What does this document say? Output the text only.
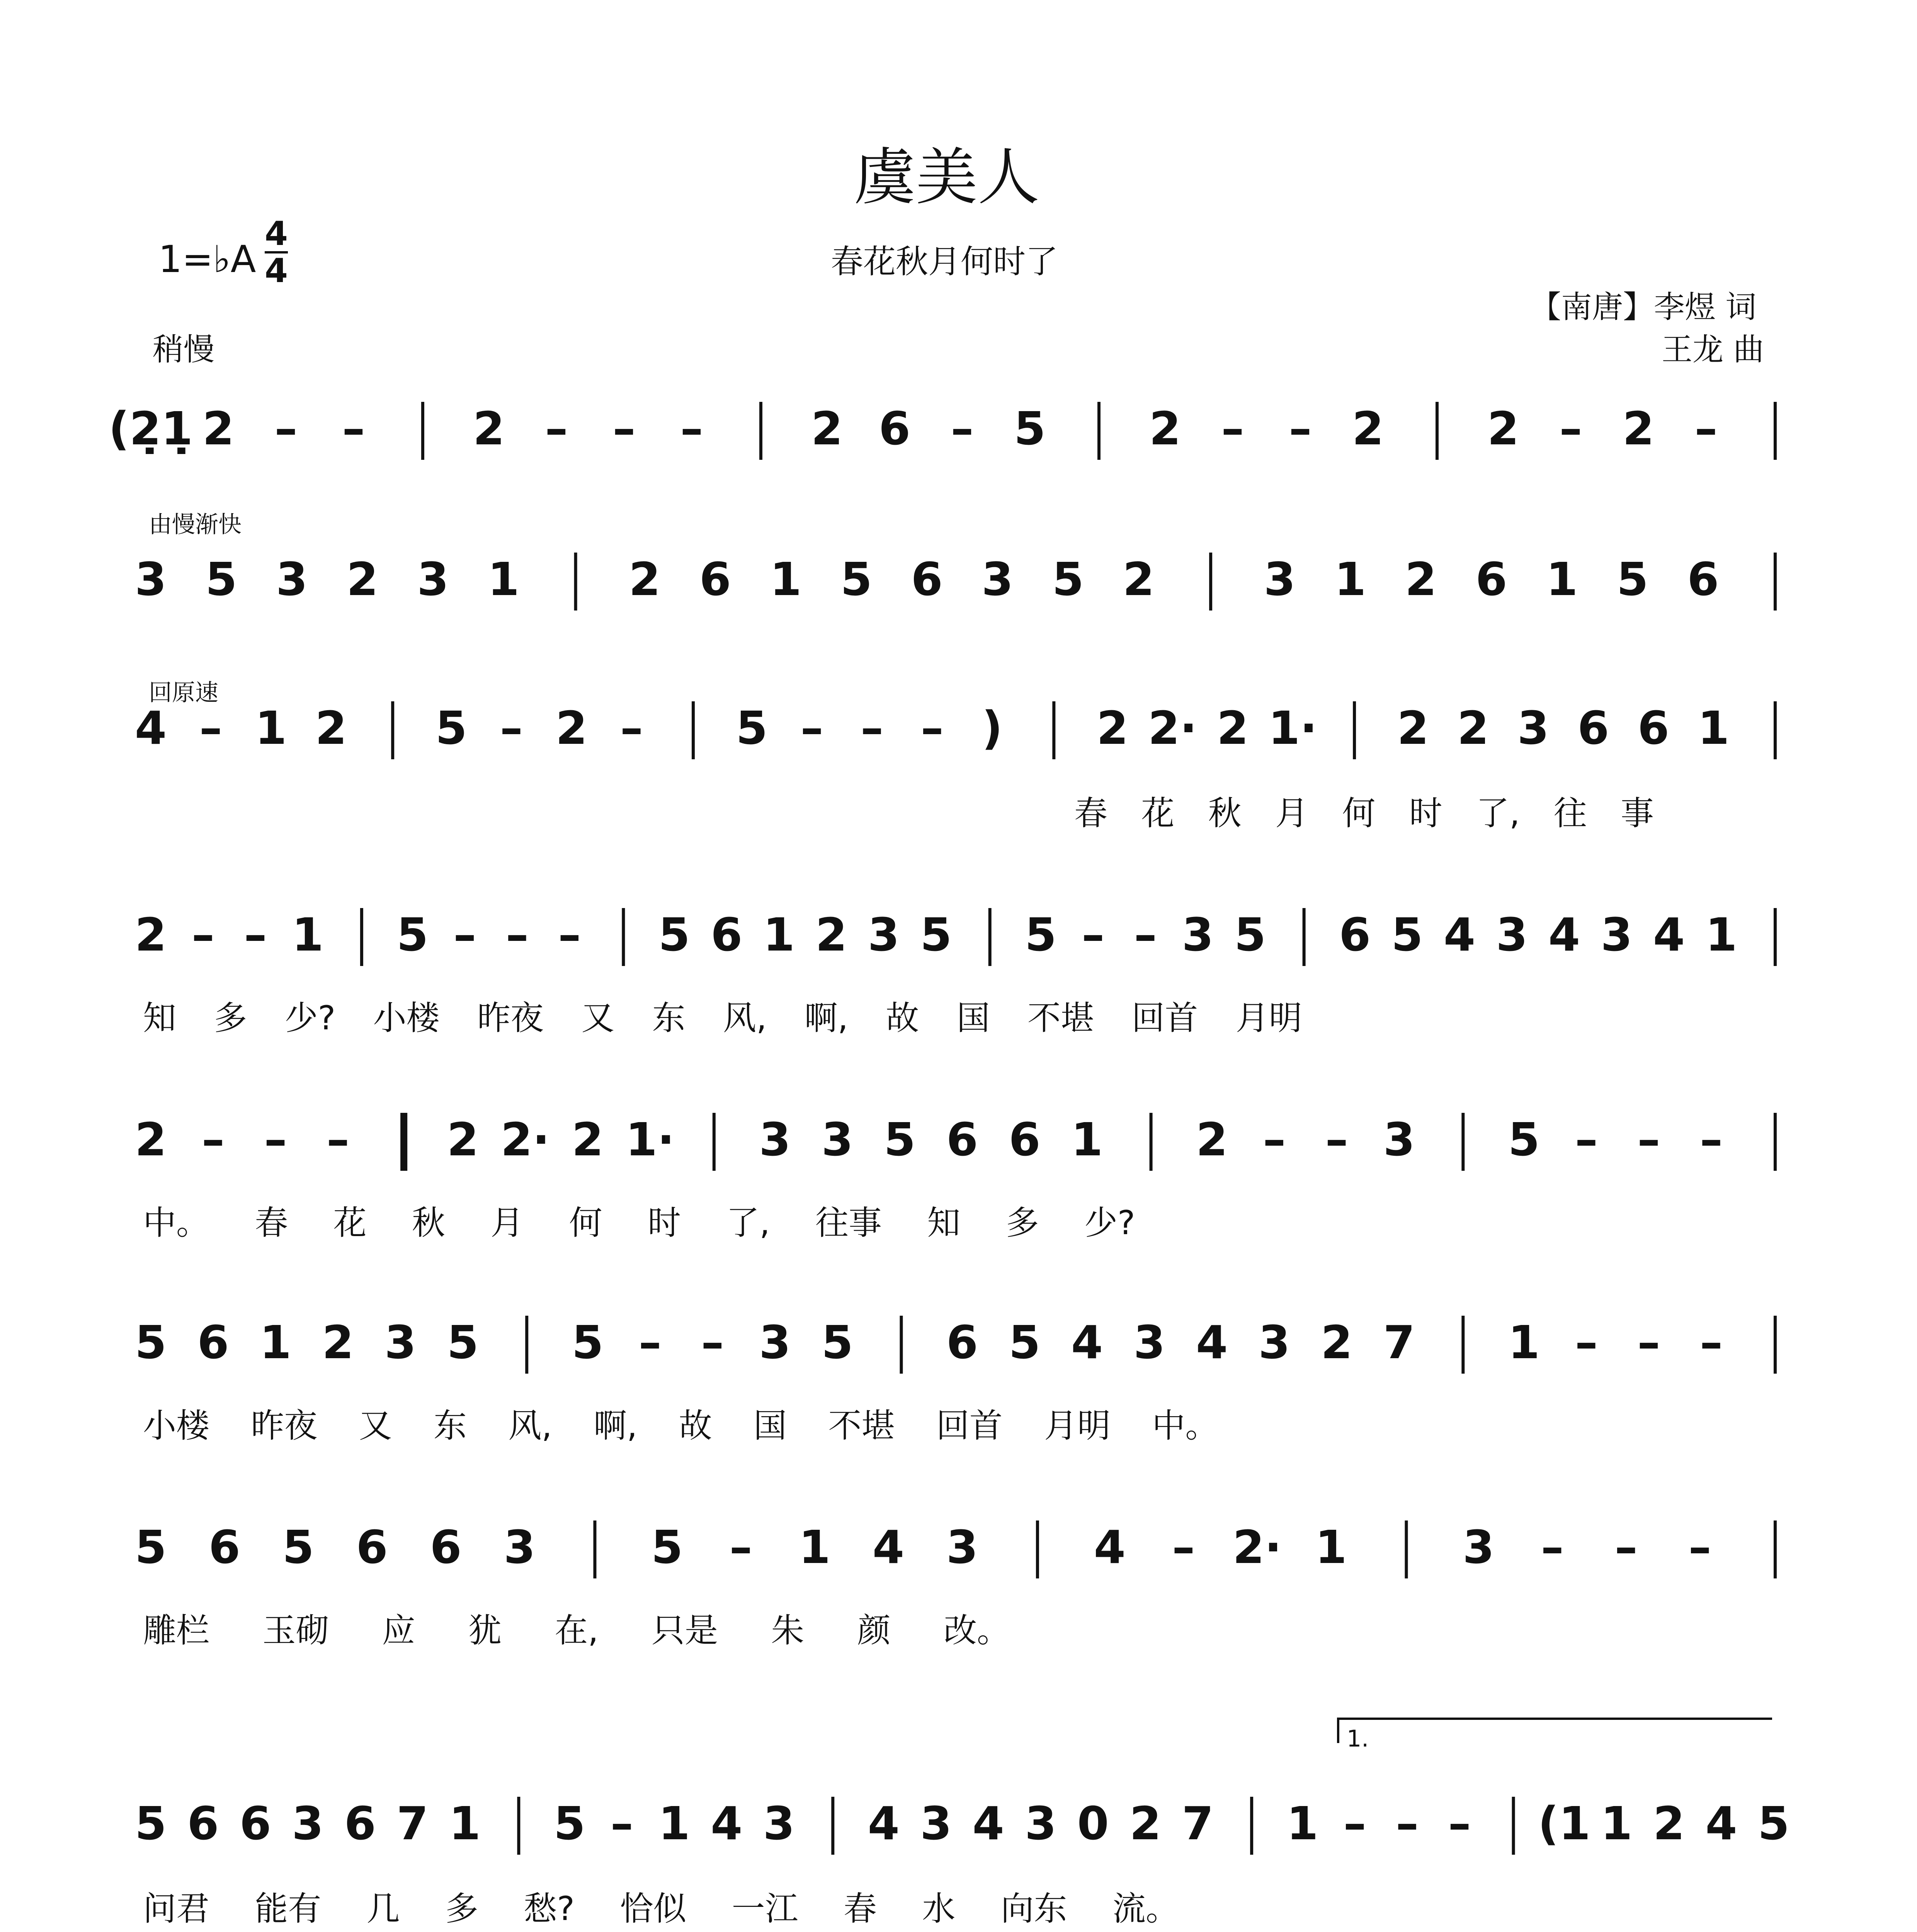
虞美人
春花秋月何时了
1=♭A
4
4
【南唐】李煜 词
王龙 曲
稍慢
由慢渐快
回原速
1.
(2̣1̣ 2 – – 2 – – – 2 6 – 5 2 – – 2 2 – 2 –
3 5 3 2 3 1 2 6 1 5 6 3 5 2 3 1 2 6 1 5 6
4 – 1 2 5 – 2 – 5 – – – ) 2 2· 2 1· 2 2 3 6 6 1
2 – – 1 5 – – – 5 6 1 2 3 5 5 – – 3 5 6 5 4 3 4 3 4 1
2 – – – 2 2· 2 1· 3 3 5 6 6 1 2 – – 3 5 – – –
5 6 1 2 3 5 5 – – 3 5 6 5 4 3 4 3 2 7 1 – – –
5 6 5 6 6 3	5 – 1 4 3	4 – 2· 1	3 – – –
5 6 6 3 6 7 1 5 – 1 4 3 4 3 4 3 0 2 7 1 – – – (1 1 2 4 5
春 花 秋 月 何 时 了, 往 事
知 多 少? 小楼 昨夜 又 东 风, 啊, 故 国 不堪 回首 月明
中。 春 花 秋 月 何 时 了, 往事 知 多 少?
小楼 昨夜 又 东 风, 啊, 故 国 不堪 回首 月明 中。
雕栏 玉砌 应 犹 在, 只是 朱 颜 改。
问君 能有 几 多 愁? 恰似 一江 春 水 向东 流。
